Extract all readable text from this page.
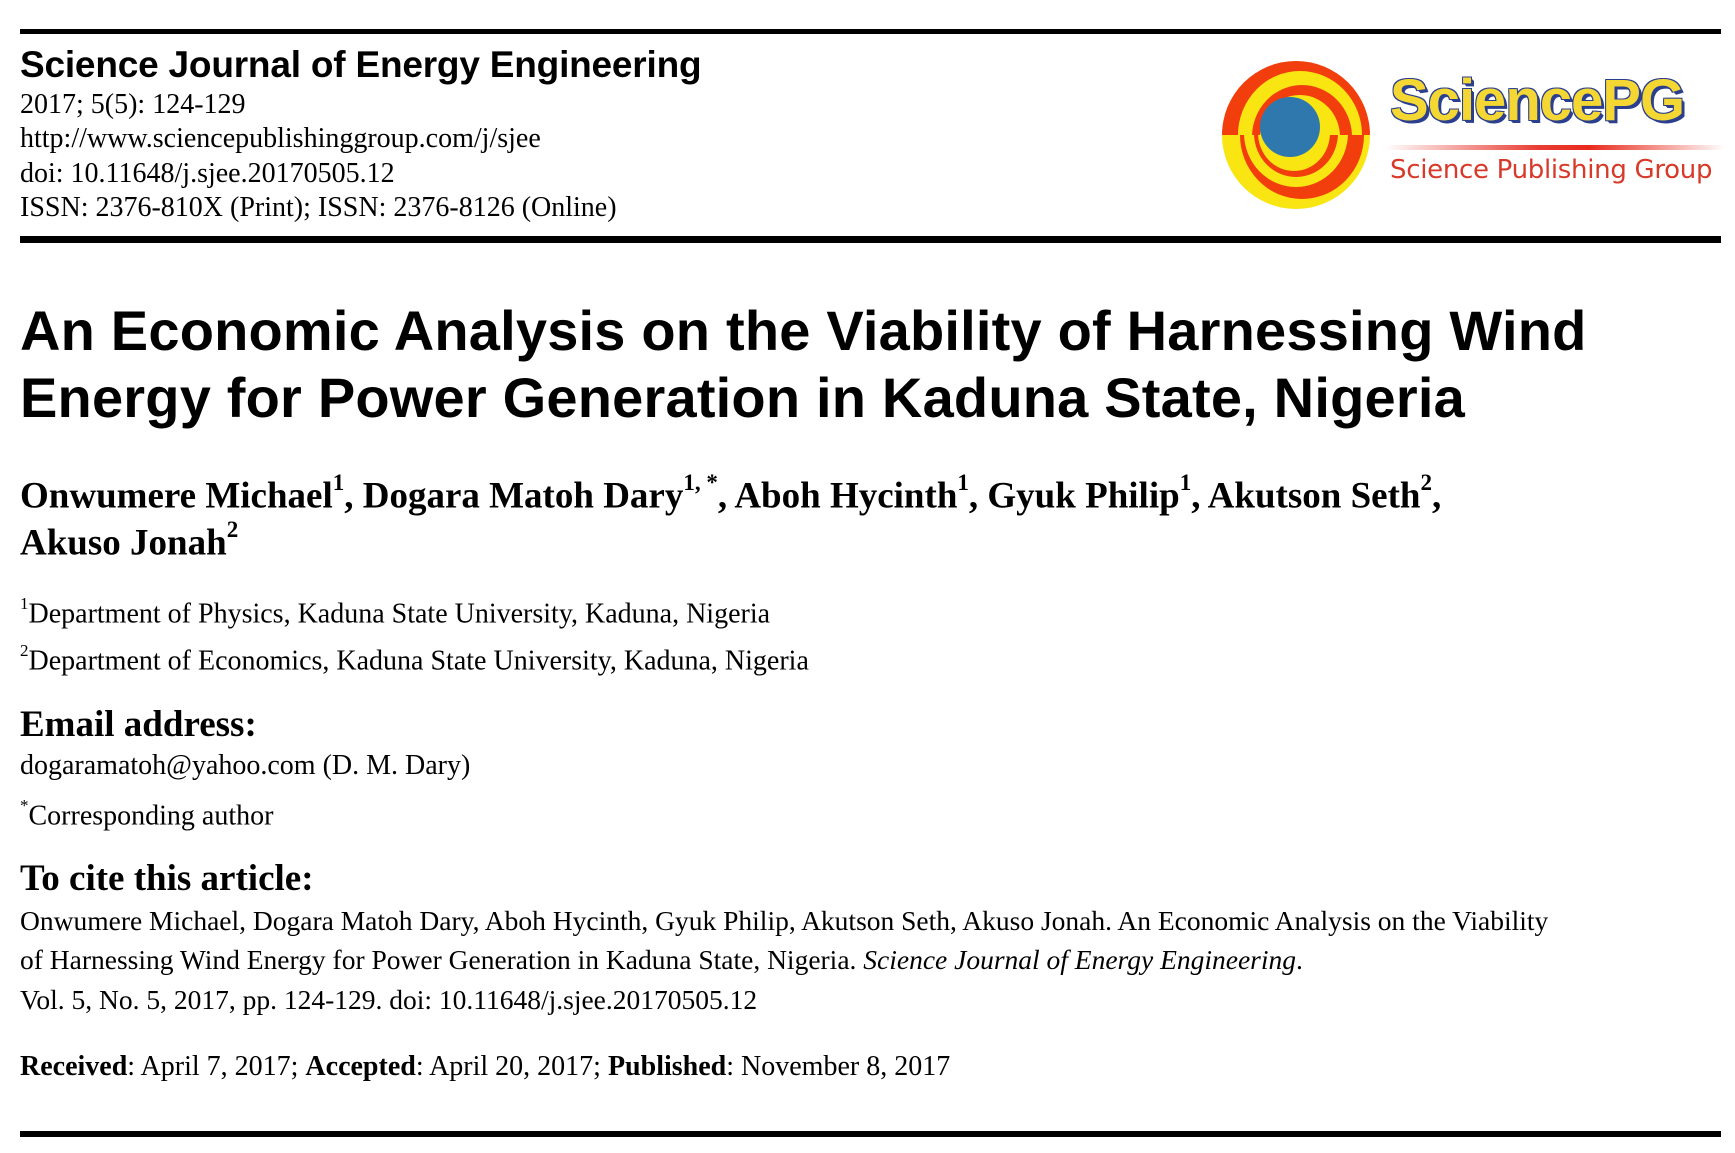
Science Journal of Energy Engineering
2017; 5(5): 124-129
http://www.sciencepublishinggroup.com/j/sjee
doi: 10.11648/j.sjee.20170505.12
ISSN: 2376-810X (Print); ISSN: 2376-8126 (Online)
SciencePG
Science Publishing Group
An Economic Analysis on the Viability of Harnessing Wind
Energy for Power Generation in Kaduna State, Nigeria
Onwumere Michael$^1$, Dogara Matoh Dary$^{1, *}$, Aboh Hycinth$^1$, Gyuk Philip$^1$, Akutson Seth$^2$,
Akuso Jonah$^2$
$^1$Department of Physics, Kaduna State University, Kaduna, Nigeria
$^2$Department of Economics, Kaduna State University, Kaduna, Nigeria
Email address:
dogaramatoh@yahoo.com (D. M. Dary)
*Corresponding author
To cite this article:
Onwumere Michael, Dogara Matoh Dary, Aboh Hycinth, Gyuk Philip, Akutson Seth, Akuso Jonah. An Economic Analysis on the Viability
of Harnessing Wind Energy for Power Generation in Kaduna State, Nigeria. Science Journal of Energy Engineering.
Vol. 5, No. 5, 2017, pp. 124-129. doi: 10.11648/j.sjee.20170505.12
Received: April 7, 2017; Accepted: April 20, 2017; Published: November 8, 2017
